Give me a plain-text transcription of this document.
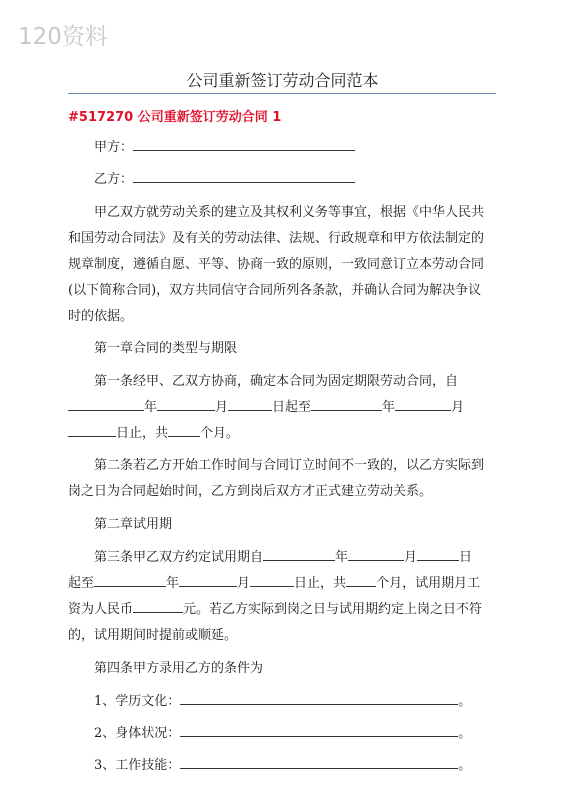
120资料
公司重新签订劳动合同范本
#517270 公司重新签订劳动合同 1
甲方：
乙方：
甲乙双方就劳动关系的建立及其权利义务等事宜，根据《中华人民共
和国劳动合同法》及有关的劳动法律、法规、行政规章和甲方依法制定的
规章制度，遵循自愿、平等、协商一致的原则，一致同意订立本劳动合同
(以下简称合同)，双方共同信守合同所列各条款，并确认合同为解决争议
时的依据。
第一章合同的类型与期限
第一条经甲、乙双方协商，确定本合同为固定期限劳动合同，自
年	月	日起至	年	月
日止，共 个月。
第二条若乙方开始工作时间与合同订立时间不一致的，以乙方实际到
岗之日为合同起始时间，乙方到岗后双方才正式建立劳动关系。
第二章试用期
第三条甲乙双方约定试用期自	年	月	日
起至	年	月	日止，共 个月，试用期月工
资为人民币	元。若乙方实际到岗之日与试用期约定上岗之日不符
的，试用期间时提前或顺延。
第四条甲方录用乙方的条件为
1、学历文化：	。
2、身体状况：	。
3、工作技能：	。
